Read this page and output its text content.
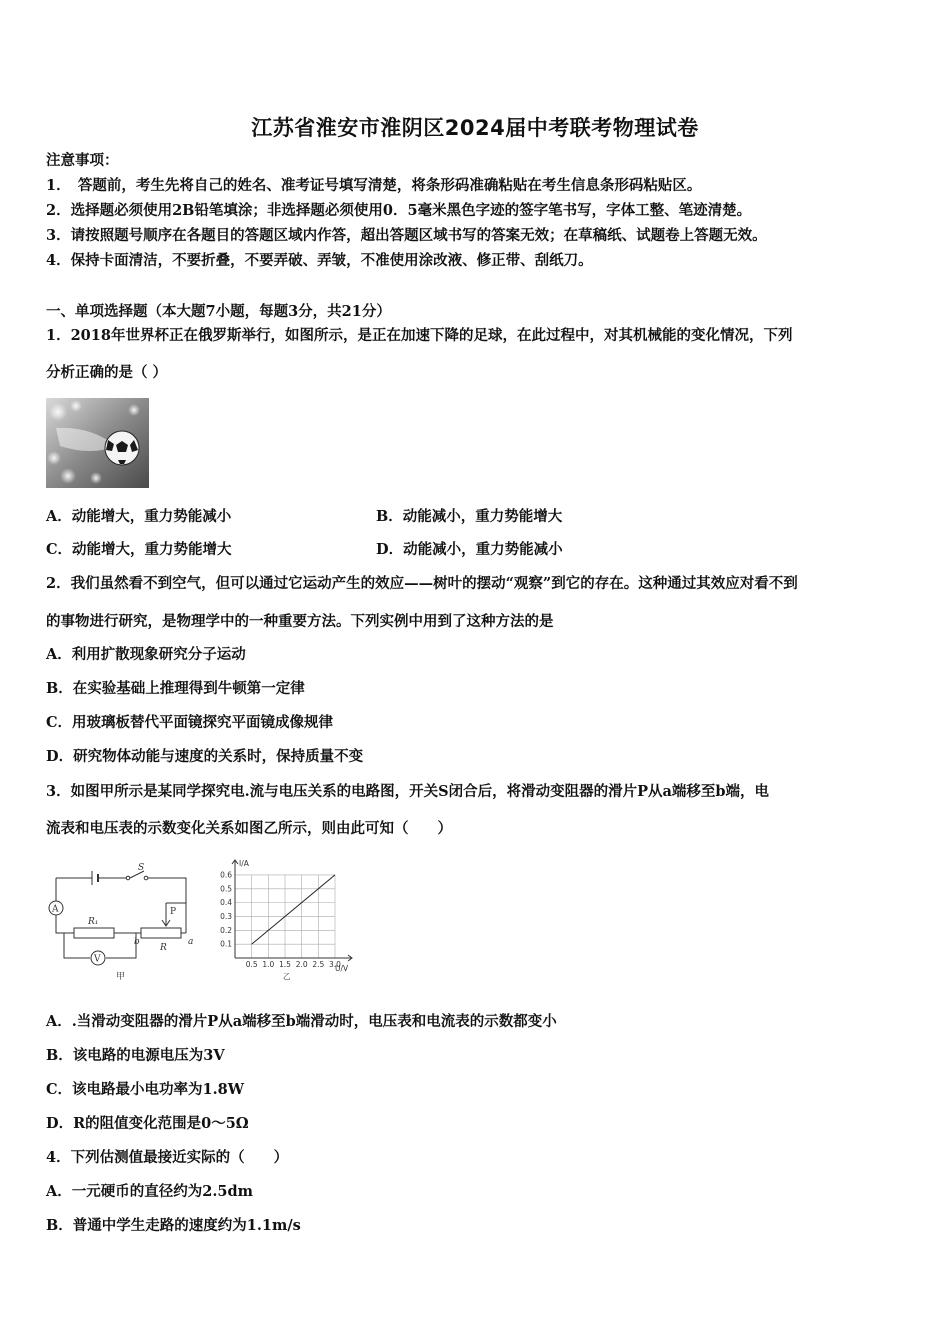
江苏省淮安市淮阴区2024届中考联考物理试卷
注意事项：
1．　答题前，考生先将自己的姓名、准考证号填写清楚，将条形码准确粘贴在考生信息条形码粘贴区。
2．选择题必须使用2B铅笔填涂；非选择题必须使用0．5毫米黑色字迹的签字笔书写，字体工整、笔迹清楚。
3．请按照题号顺序在各题目的答题区域内作答，超出答题区域书写的答案无效；在草稿纸、试题卷上答题无效。
4．保持卡面清洁，不要折叠，不要弄破、弄皱，不准使用涂改液、修正带、刮纸刀。
一、单项选择题（本大题7小题，每题3分，共21分）
1．2018年世界杯正在俄罗斯举行，如图所示，是正在加速下降的足球，在此过程中，对其机械能的变化情况，下列
分析正确的是（ ）
A．动能增大，重力势能减小	B．动能减小，重力势能增大
C．动能增大，重力势能增大	D．动能减小，重力势能减小
2．我们虽然看不到空气，但可以通过它运动产生的效应——树叶的摆动“观察”到它的存在。这种通过其效应对看不到
的事物进行研究，是物理学中的一种重要方法。下列实例中用到了这种方法的是
A．利用扩散现象研究分子运动
B．在实验基础上推理得到牛顿第一定律
C．用玻璃板替代平面镜探究平面镜成像规律
D．研究物体动能与速度的关系时，保持质量不变
3．如图甲所示是某同学探究电.流与电压关系的电路图，开关S闭合后，将滑动变阻器的滑片P从a端移至b端，电
流表和电压表的示数变化关系如图乙所示，则由此可知（　　）
S
A
V
R₁
R
P
a
b
甲
0.5 1.0 1.5 2.0 2.5 3.0
0.1
0.2
0.3
0.4
0.5
0.6
I/A
U/V
乙
A．.当滑动变阻器的滑片P从a端移至b端滑动时，电压表和电流表的示数都变小
B．该电路的电源电压为3V
C．该电路最小电功率为1.8W
D．R的阻值变化范围是0～5Ω
4．下列估测值最接近实际的（　　）
A．一元硬币的直径约为2.5dm
B．普通中学生走路的速度约为1.1m/s
